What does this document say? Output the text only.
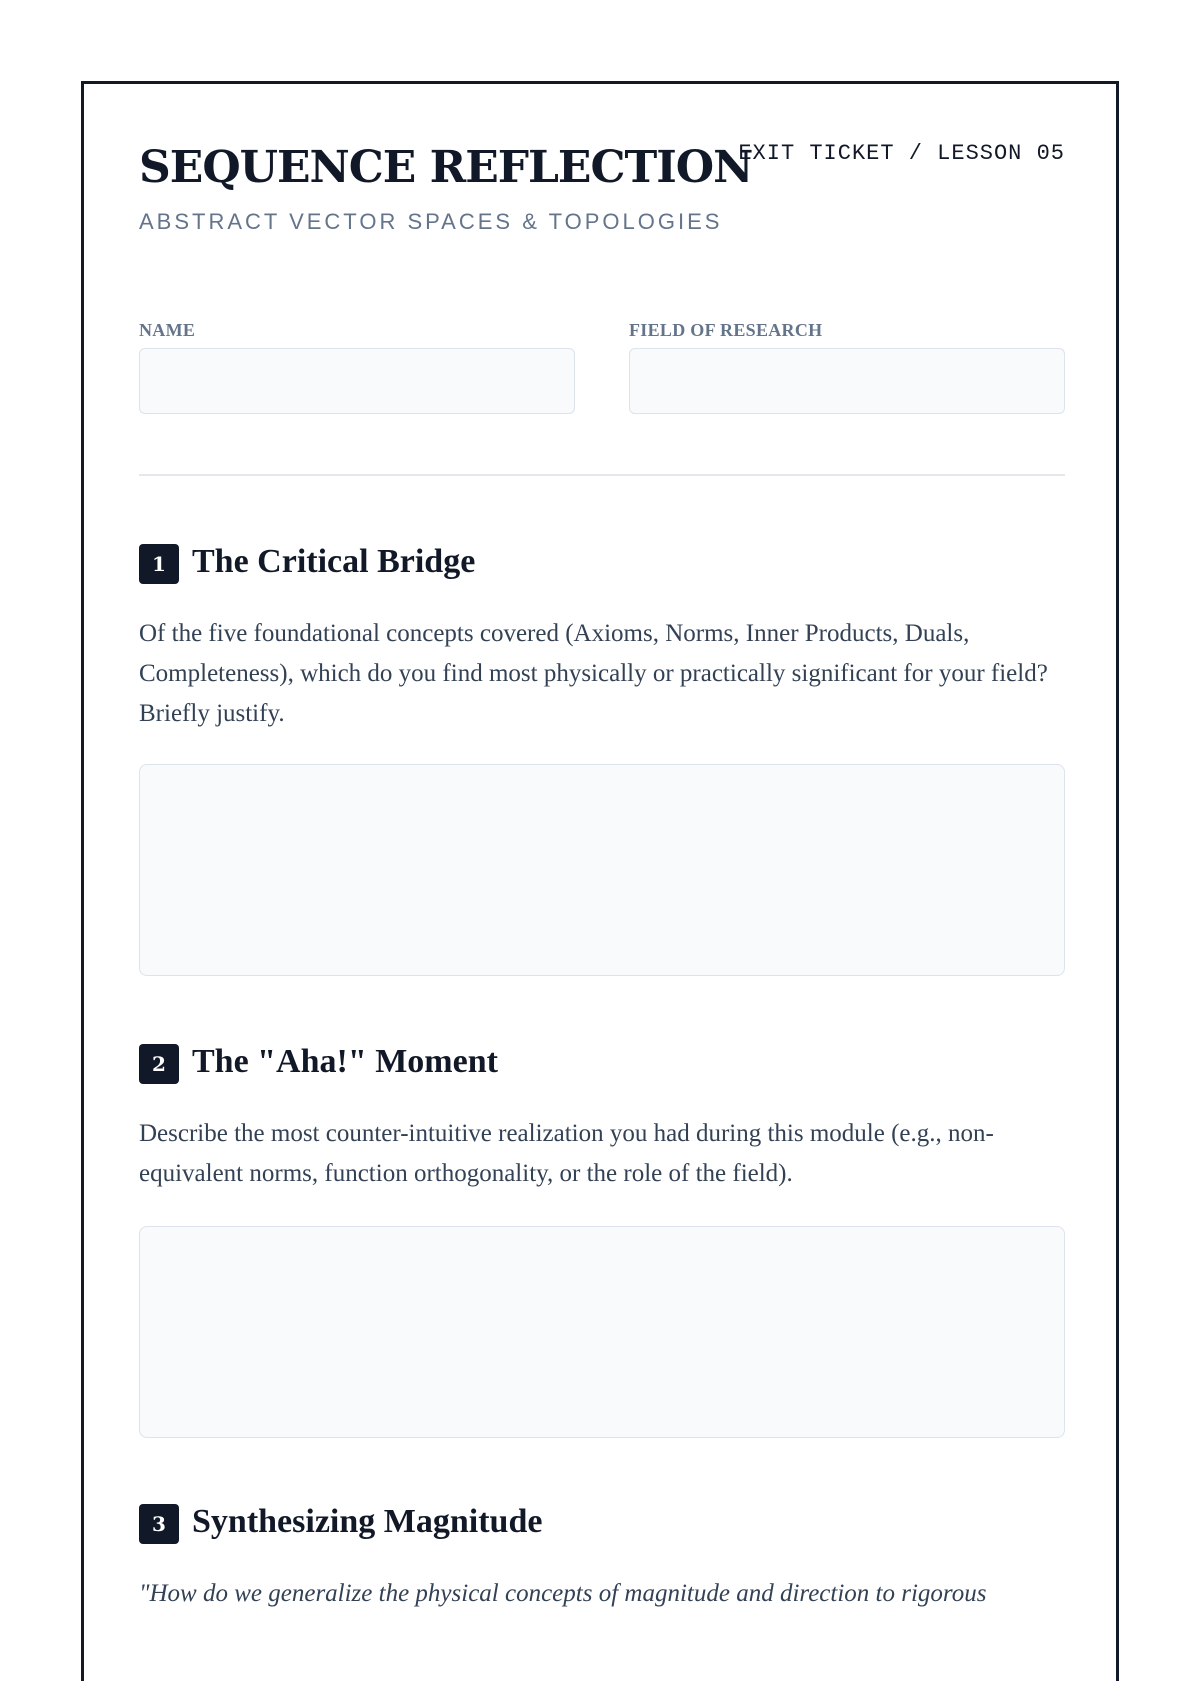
SEQUENCE REFLECTION
ABSTRACT VECTOR SPACES & TOPOLOGIES
EXIT TICKET / LESSON 05
NAME	FIELD OF RESEARCH
1 The Critical Bridge

Of the five foundational concepts covered (Axioms, Norms, Inner Products, Duals, Completeness), which do you find most physically or practically significant for your field? Briefly justify.

2 The "Aha!" Moment

Describe the most counter-intuitive realization you had during this module (e.g., non-equivalent norms, function orthogonality, or the role of the field).

3 Synthesizing Magnitude

"How do we generalize the physical concepts of magnitude and direction to rigorous
